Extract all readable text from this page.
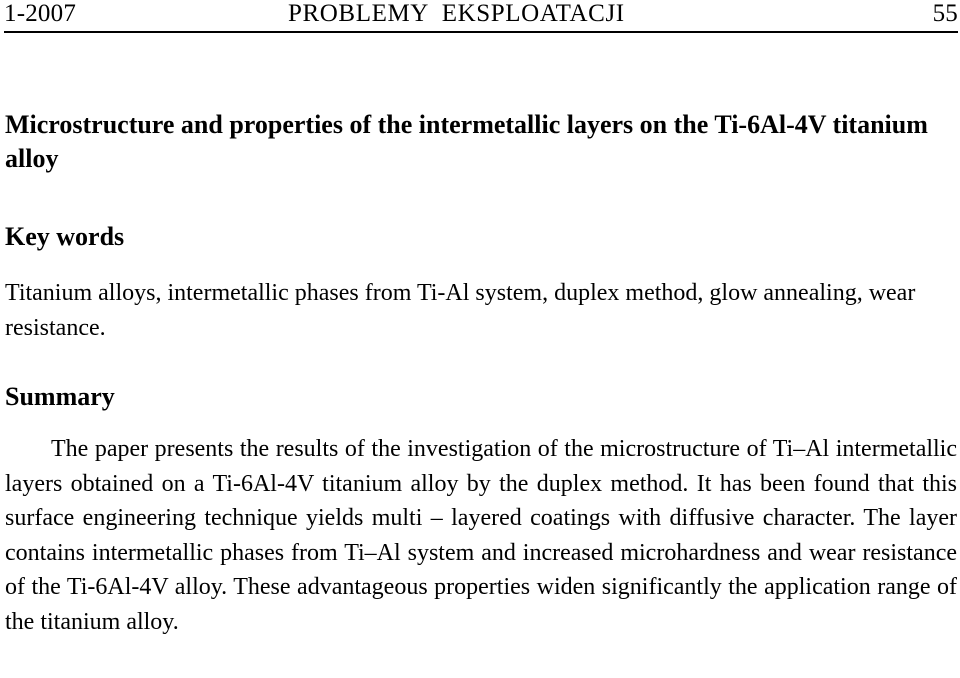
1-2007	PROBLEMY  EKSPLOATACJI	55
Microstructure and properties of the intermetallic layers on the Ti-6Al-4V titanium alloy
Key words
Titanium alloys, intermetallic phases from Ti-Al system, duplex method, glow annealing, wear resistance.
Summary
The paper presents the results of the investigation of the microstructure of Ti–Al intermetallic layers obtained on a Ti-6Al-4V titanium alloy by the duplex method. It has been found that this surface engineering technique yields multi – layered coatings with diffusive character. The layer contains intermetallic phases from Ti–Al system and increased microhardness and wear resistance of the Ti-6Al-4V alloy. These advantageous properties widen significantly the application range of the titanium alloy.
